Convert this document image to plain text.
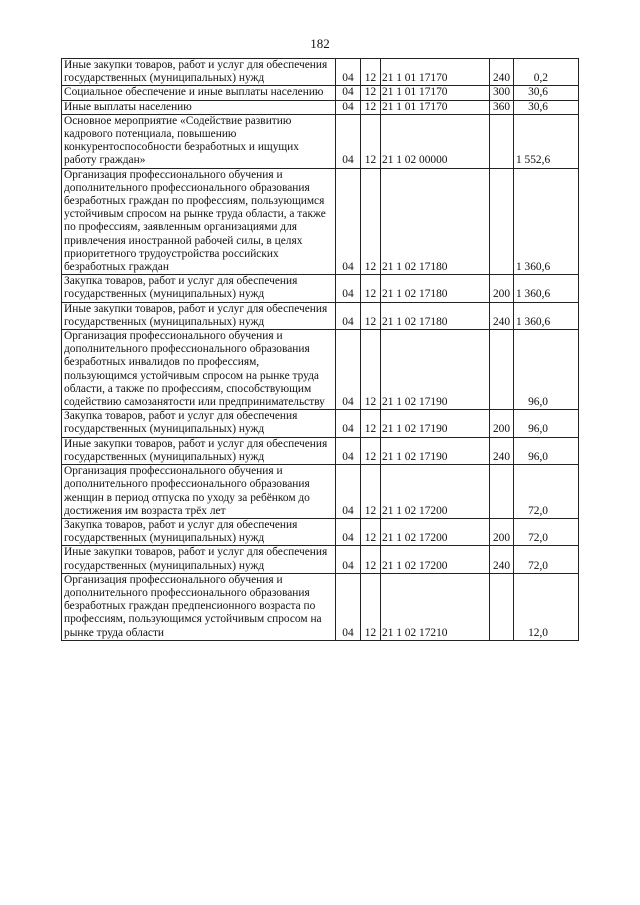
182
Иные закупки товаров, работ и услуг для обеспечения государственных (муниципальных) нужд	04	12	21 1 01 17170	240	0,2
Социальное обеспечение и иные выплаты населению	04	12	21 1 01 17170	300	30,6
Иные выплаты населению	04	12	21 1 01 17170	360	30,6
Основное мероприятие «Содействие развитию кадрового потенциала, повышению конкурентоспособности безработных и ищущих работу граждан»	04	12	21 1 02 00000		1 552,6
Организация профессионального обучения и дополнительного профессионального образования безработных граждан по профессиям, пользующимся устойчивым спросом на рынке труда области, а также по профессиям, заявленным организациями для привлечения иностранной рабочей силы, в целях приоритетного трудоустройства российских безработных граждан	04	12	21 1 02 17180		1 360,6
Закупка товаров, работ и услуг для обеспечения государственных (муниципальных) нужд	04	12	21 1 02 17180	200	1 360,6
Иные закупки товаров, работ и услуг для обеспечения государственных (муниципальных) нужд	04	12	21 1 02 17180	240	1 360,6
Организация профессионального обучения и дополнительного профессионального образования безработных инвалидов по профессиям, пользующимся устойчивым спросом на рынке труда области, а также по профессиям, способствующим содействию самозанятости или предпринимательству	04	12	21 1 02 17190		96,0
Закупка товаров, работ и услуг для обеспечения государственных (муниципальных) нужд	04	12	21 1 02 17190	200	96,0
Иные закупки товаров, работ и услуг для обеспечения государственных (муниципальных) нужд	04	12	21 1 02 17190	240	96,0
Организация профессионального обучения и дополнительного профессионального образования женщин в период отпуска по уходу за ребёнком до достижения им возраста трёх лет	04	12	21 1 02 17200		72,0
Закупка товаров, работ и услуг для обеспечения государственных (муниципальных) нужд	04	12	21 1 02 17200	200	72,0
Иные закупки товаров, работ и услуг для обеспечения государственных (муниципальных) нужд	04	12	21 1 02 17200	240	72,0
Организация профессионального обучения и дополнительного профессионального образования безработных граждан предпенсионного возраста по профессиям, пользующимся устойчивым спросом на рынке труда области	04	12	21 1 02 17210		12,0
